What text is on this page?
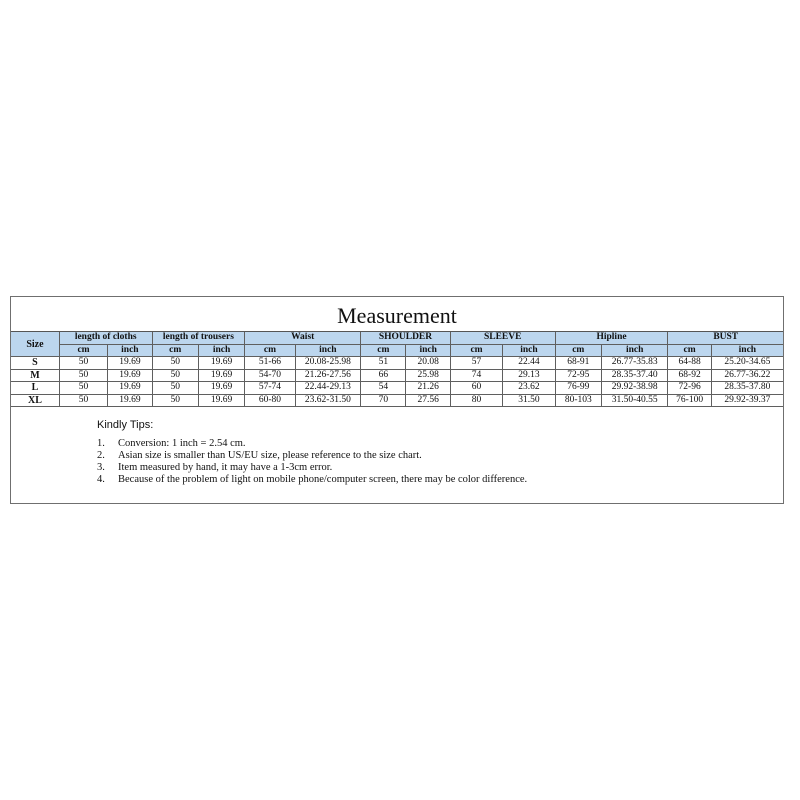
Measurement
Size	length of cloths		length of trousers		Waist		SHOULDER		SLEEVE		Hipline		BUST	
	cm	inch	cm	inch	cm	inch	cm	inch	cm	inch	cm	inch	cm	inch
S	50	19.69	50	19.69	51-66	20.08-25.98	51	20.08	57	22.44	68-91	26.77-35.83	64-88	25.20-34.65
M	50	19.69	50	19.69	54-70	21.26-27.56	66	25.98	74	29.13	72-95	28.35-37.40	68-92	26.77-36.22
L	50	19.69	50	19.69	57-74	22.44-29.13	54	21.26	60	23.62	76-99	29.92-38.98	72-96	28.35-37.80
XL	50	19.69	50	19.69	60-80	23.62-31.50	70	27.56	80	31.50	80-103	31.50-40.55	76-100	29.92-39.37
Kindly Tips:
1.	Conversion: 1 inch = 2.54 cm.
2.	Asian size is smaller than US/EU size, please reference to the size chart.
3.	Item measured by hand, it may have a 1-3cm error.
4.	Because of the problem of light on mobile phone/computer screen, there may be color difference.
